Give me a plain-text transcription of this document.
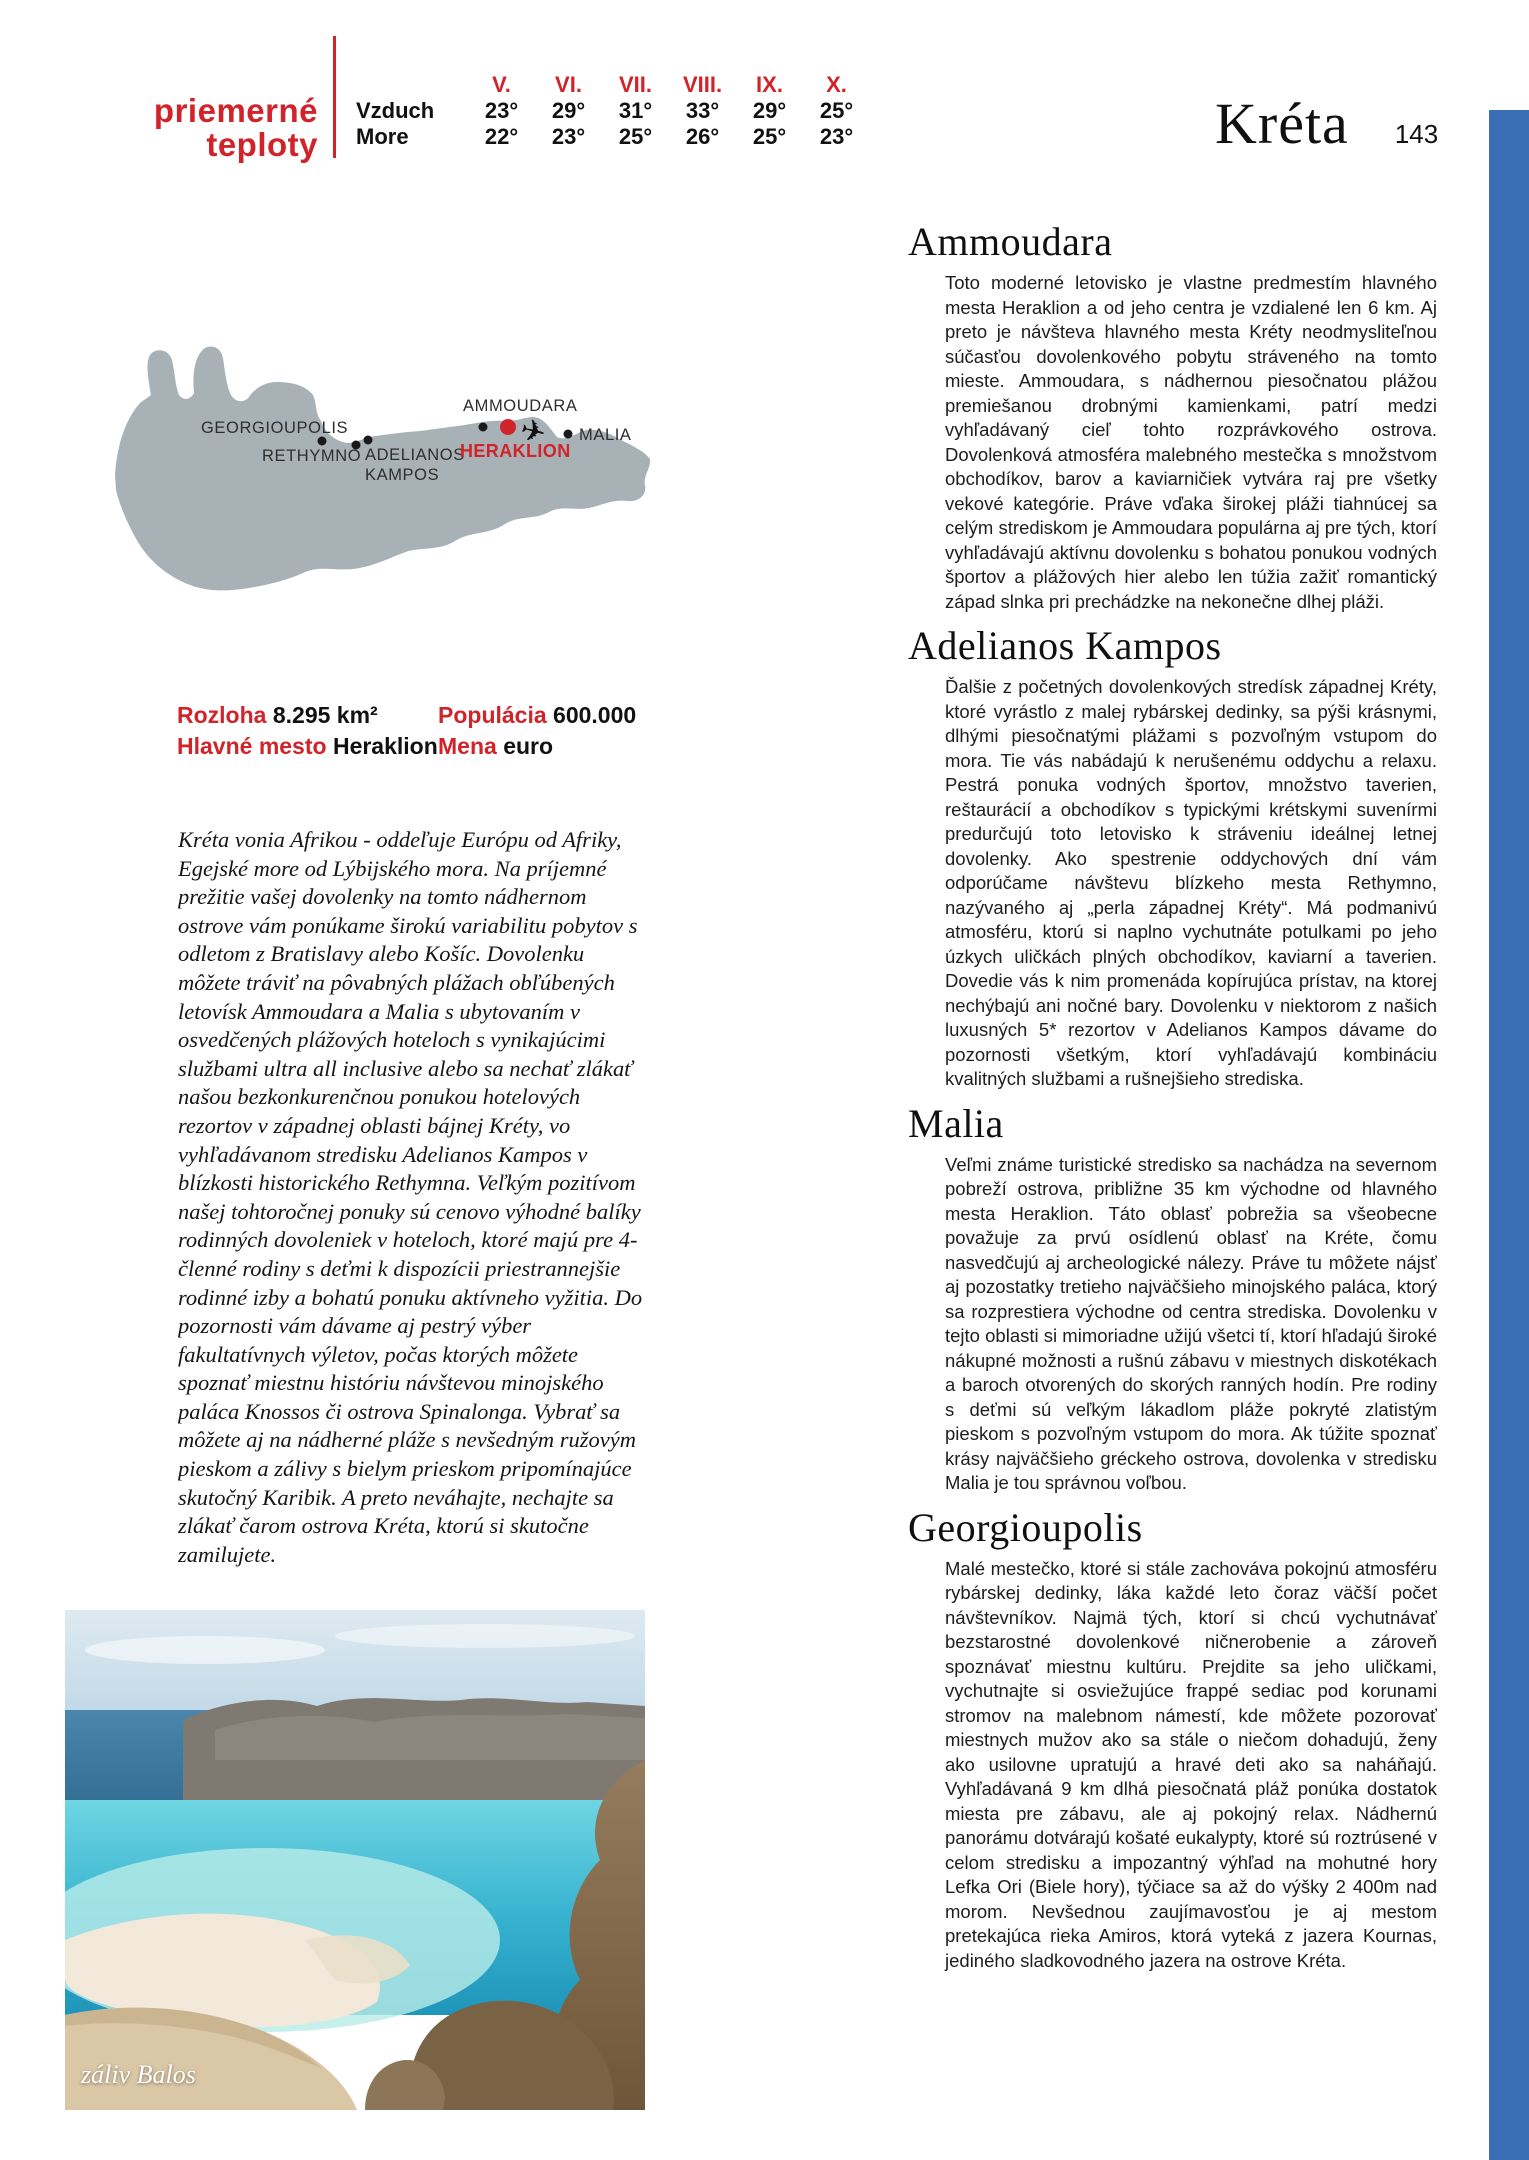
priemerné
teploty
V.	VI.	VII.	VIII.	IX.	X.
Vzduch	23°	29°	31°	33°	29°	25°
More	22°	23°	25°	26°	25°	23°	Kréta 143
✈
GEORGIOUPOLIS
RETHYMNO ADELIANOS
KAMPOS
AMMOUDARA
HERAKLION
MALIA
Rozloha 8.295 km²
Hlavné mesto Heraklion
Populácia 600.000
Mena euro
Kréta vonia Afrikou - oddeľuje Európu od Afriky, Egejské more od Lýbijského mora. Na príjemné prežitie vašej dovolenky na tomto nádhernom ostrove vám ponúkame širokú variabilitu pobytov s odletom z Bratislavy alebo Košíc. Dovolenku môžete tráviť na pôvabných plážach obľúbených letovísk Ammoudara a Malia s ubytovaním v osvedčených plážových hoteloch s vynikajúcimi službami ultra all inclusive alebo sa nechať zlákať našou bezkonkurenčnou ponukou hotelových rezortov v západnej oblasti bájnej Kréty, vo vyhľadávanom stredisku Adelianos Kampos v blízkosti historického Rethymna. Veľkým pozitívom našej tohtoročnej ponuky sú cenovo výhodné balíky rodinných dovoleniek v hoteloch, ktoré majú pre 4-členné rodiny s deťmi k dispozícii priestrannejšie rodinné izby a bohatú ponuku aktívneho vyžitia. Do pozornosti vám dávame aj pestrý výber fakultatívnych výletov, počas ktorých môžete spoznať miestnu históriu návštevou minojského paláca Knossos či ostrova Spinalonga. Vybrať sa môžete aj na nádherné pláže s nevšedným ružovým pieskom a zálivy s bielym prieskom pripomínajúce skutočný Karibik. A preto neváhajte, nechajte sa zlákať čarom ostrova Kréta, ktorú si skutočne zamilujete.
Ammoudara

Toto moderné letovisko je vlastne predmestím hlavného mesta Heraklion a od jeho centra je vzdialené len 6 km. Aj preto je návšteva hlavného mesta Kréty neodmysliteľnou súčasťou dovolenkového pobytu stráveného na tomto mieste. Ammoudara, s nádhernou piesočnatou plážou premiešanou drobnými kamienkami, patrí medzi vyhľadávaný cieľ tohto rozprávkového ostrova. Dovolenková atmosféra malebného mestečka s množstvom obchodíkov, barov a kaviarničiek vytvára raj pre všetky vekové kategórie. Práve vďaka širokej pláži tiahnúcej sa celým strediskom je Ammoudara populárna aj pre tých, ktorí vyhľadávajú aktívnu dovolenku s bohatou ponukou vodných športov a plážových hier alebo len túžia zažiť romantický západ slnka pri prechádzke na nekonečne dlhej pláži.

Adelianos Kampos

Ďalšie z početných dovolenkových stredísk západnej Kréty, ktoré vyrástlo z malej rybárskej dedinky, sa pýši krásnymi, dlhými piesočnatými plážami s pozvoľným vstupom do mora. Tie vás nabádajú k nerušenému oddychu a relaxu. Pestrá ponuka vodných športov, množstvo taverien, reštaurácií a obchodíkov s typickými krétskymi suvenírmi predurčujú toto letovisko k stráveniu ideálnej letnej dovolenky. Ako spestrenie oddychových dní vám odporúčame návštevu blízkeho mesta Rethymno, nazývaného aj „perla západnej Kréty“. Má podmanivú atmosféru, ktorú si naplno vychutnáte potulkami po jeho úzkych uličkách plných obchodíkov, kaviarní a taverien. Dovedie vás k nim promenáda kopírujúca prístav, na ktorej nechýbajú ani nočné bary. Dovolenku v niektorom z našich luxusných 5* rezortov v Adelianos Kampos dávame do pozornosti všetkým, ktorí vyhľadávajú kombináciu kvalitných službami a rušnejšieho strediska.

Malia

Veľmi známe turistické stredisko sa nachádza na severnom pobreží ostrova, približne 35 km východne od hlavného mesta Heraklion. Táto oblasť pobrežia sa všeobecne považuje za prvú osídlenú oblasť na Kréte, čomu nasvedčujú aj archeologické nálezy. Práve tu môžete nájsť aj pozostatky tretieho najväčšieho minojského paláca, ktorý sa rozprestiera východne od centra strediska. Dovolenku v tejto oblasti si mimoriadne užijú všetci tí, ktorí hľadajú široké nákupné možnosti a rušnú zábavu v miestnych diskotékach a baroch otvorených do skorých ranných hodín. Pre rodiny s deťmi sú veľkým lákadlom pláže pokryté zlatistým pieskom s pozvoľným vstupom do mora. Ak túžite spoznať krásy najväčšieho gréckeho ostrova, dovolenka v stredisku Malia je tou správnou voľbou.

Georgioupolis

Malé mestečko, ktoré si stále zachováva pokojnú atmosféru rybárskej dedinky, láka každé leto čoraz väčší počet návštevníkov. Najmä tých, ktorí si chcú vychutnávať bezstarostné dovolenkové ničnerobenie a zároveň spoznávať miestnu kultúru. Prejdite sa jeho uličkami, vychutnajte si osviežujúce frappé sediac pod korunami stromov na malebnom námestí, kde môžete pozorovať miestnych mužov ako sa stále o niečom dohadujú, ženy ako usilovne upratujú a hravé deti ako sa naháňajú. Vyhľadávaná 9 km dlhá piesočnatá pláž ponúka dostatok miesta pre zábavu, ale aj pokojný relax. Nádhernú panorámu dotvárajú košaté eukalypty, ktoré sú roztrúsené v celom stredisku a impozantný výhľad na mohutné hory Lefka Ori (Biele hory), týčiace sa až do výšky 2 400m nad morom. Nevšednou zaujímavosťou je aj mestom pretekajúca rieka Amiros, ktorá vyteká z jazera Kournas, jediného sladkovodného jazera na ostrove Kréta.

záliv Balos
